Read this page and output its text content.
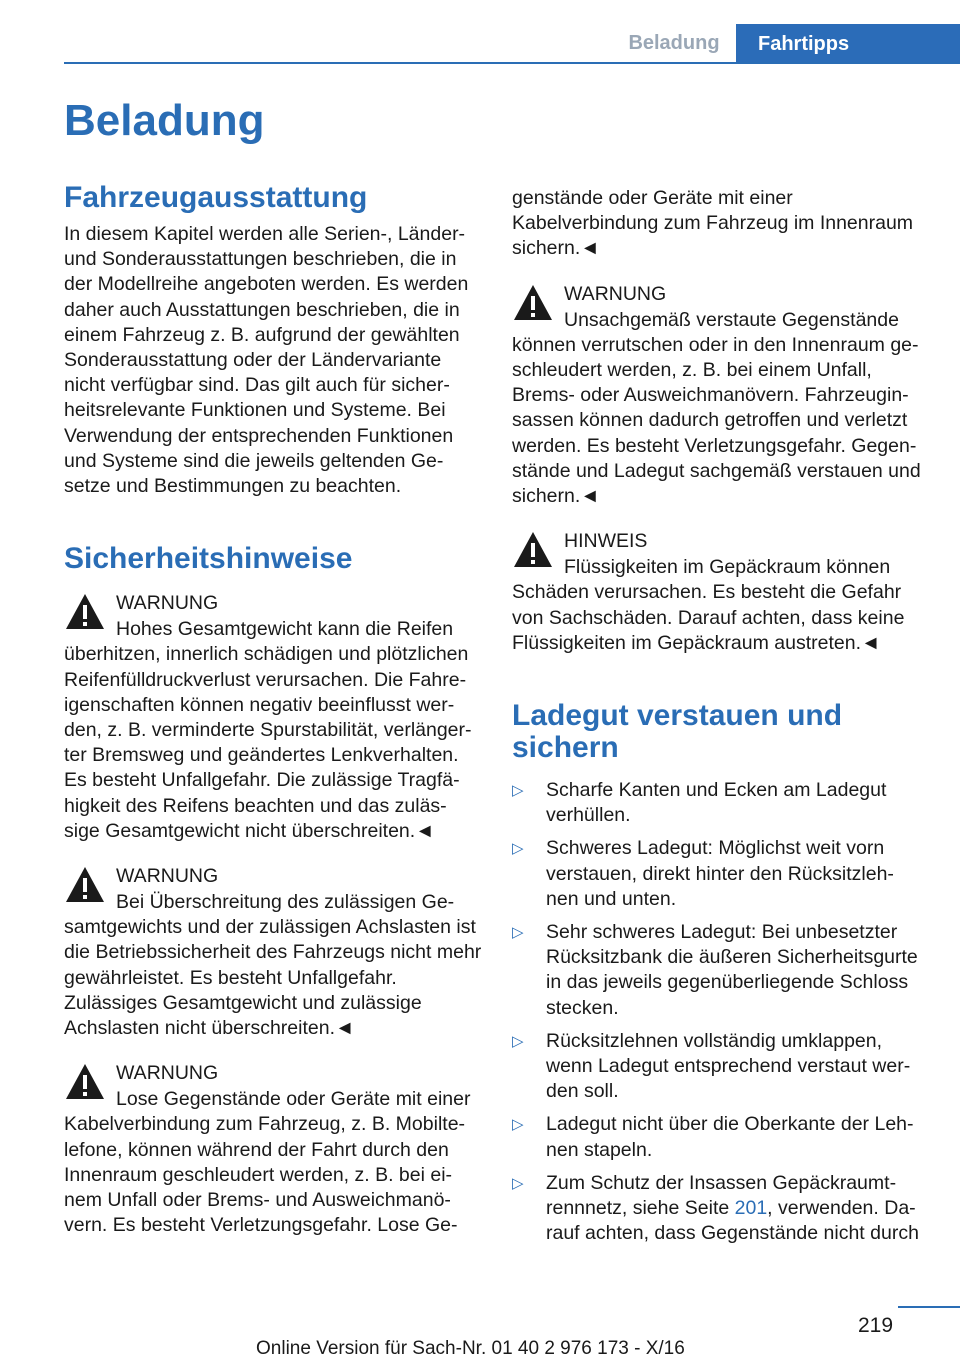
Beladung	Fahrtipps
Beladung
Fahrzeugausstattung

In diesem Kapitel werden alle Serien-, Länder- und Sonderausstattungen beschrieben, die in der Modellreihe angeboten werden. Es werden daher auch Ausstattungen beschrieben, die in einem Fahrzeug z. B. aufgrund der gewählten Sonderausstattung oder der Ländervariante nicht verfügbar sind. Das gilt auch für sicher- heitsrelevante Funktionen und Systeme. Bei Verwendung der entsprechenden Funktionen und Systeme sind die jeweils geltenden Ge- setze und Bestimmungen zu beachten.

Sicherheitshinweise
WARNUNG

Hohes Gesamtgewicht kann die Reifen überhitzen, innerlich schädigen und plötzlichen Reifenfülldruckverlust verursachen. Die Fahre- igenschaften können negativ beeinflusst wer- den, z. B. verminderte Spurstabilität, verlänger- ter Bremsweg und geändertes Lenkverhalten. Es besteht Unfallgefahr. Die zulässige Tragfä- higkeit des Reifens beachten und das zuläs- sige Gesamtgewicht nicht überschreiten.◄

WARNUNG

Bei Überschreitung des zulässigen Ge- samtgewichts und der zulässigen Achslasten ist die Betriebssicherheit des Fahrzeugs nicht mehr gewährleistet. Es besteht Unfallgefahr. Zulässiges Gesamtgewicht und zulässige Achslasten nicht überschreiten.◄

WARNUNG

Lose Gegenstände oder Geräte mit einer Kabelverbindung zum Fahrzeug, z. B. Mobilte- lefone, können während der Fahrt durch den Innenraum geschleudert werden, z. B. bei ei- nem Unfall oder Brems- und Ausweichmanö- vern. Es besteht Verletzungsgefahr. Lose Ge-

genstände oder Geräte mit einer Kabelverbindung zum Fahrzeug im Innenraum sichern.◄

WARNUNG

Unsachgemäß verstaute Gegenstände können verrutschen oder in den Innenraum ge- schleudert werden, z. B. bei einem Unfall, Brems- oder Ausweichmanövern. Fahrzeugin- sassen können dadurch getroffen und verletzt werden. Es besteht Verletzungsgefahr. Gegen- stände und Ladegut sachgemäß verstauen und sichern.◄

HINWEIS

Flüssigkeiten im Gepäckraum können Schäden verursachen. Es besteht die Gefahr von Sachschäden. Darauf achten, dass keine Flüssigkeiten im Gepäckraum austreten.◄

Ladegut verstauen und sichern
▷ Scharfe Kanten und Ecken am Ladegut verhüllen.
▷ Schweres Ladegut: Möglichst weit vorn verstauen, direkt hinter den Rücksitzleh- nen und unten.
▷ Sehr schweres Ladegut: Bei unbesetzter Rücksitzbank die äußeren Sicherheitsgurte in das jeweils gegenüberliegende Schloss stecken.
▷ Rücksitzlehnen vollständig umklappen, wenn Ladegut entsprechend verstaut wer- den soll.
▷ Ladegut nicht über die Oberkante der Leh- nen stapeln.
▷ Zum Schutz der Insassen Gepäckraumt- rennnetz, siehe Seite 201, verwenden. Da- rauf achten, dass Gegenstände nicht durch
219
Online Version für Sach-Nr. 01 40 2 976 173 - X/16
